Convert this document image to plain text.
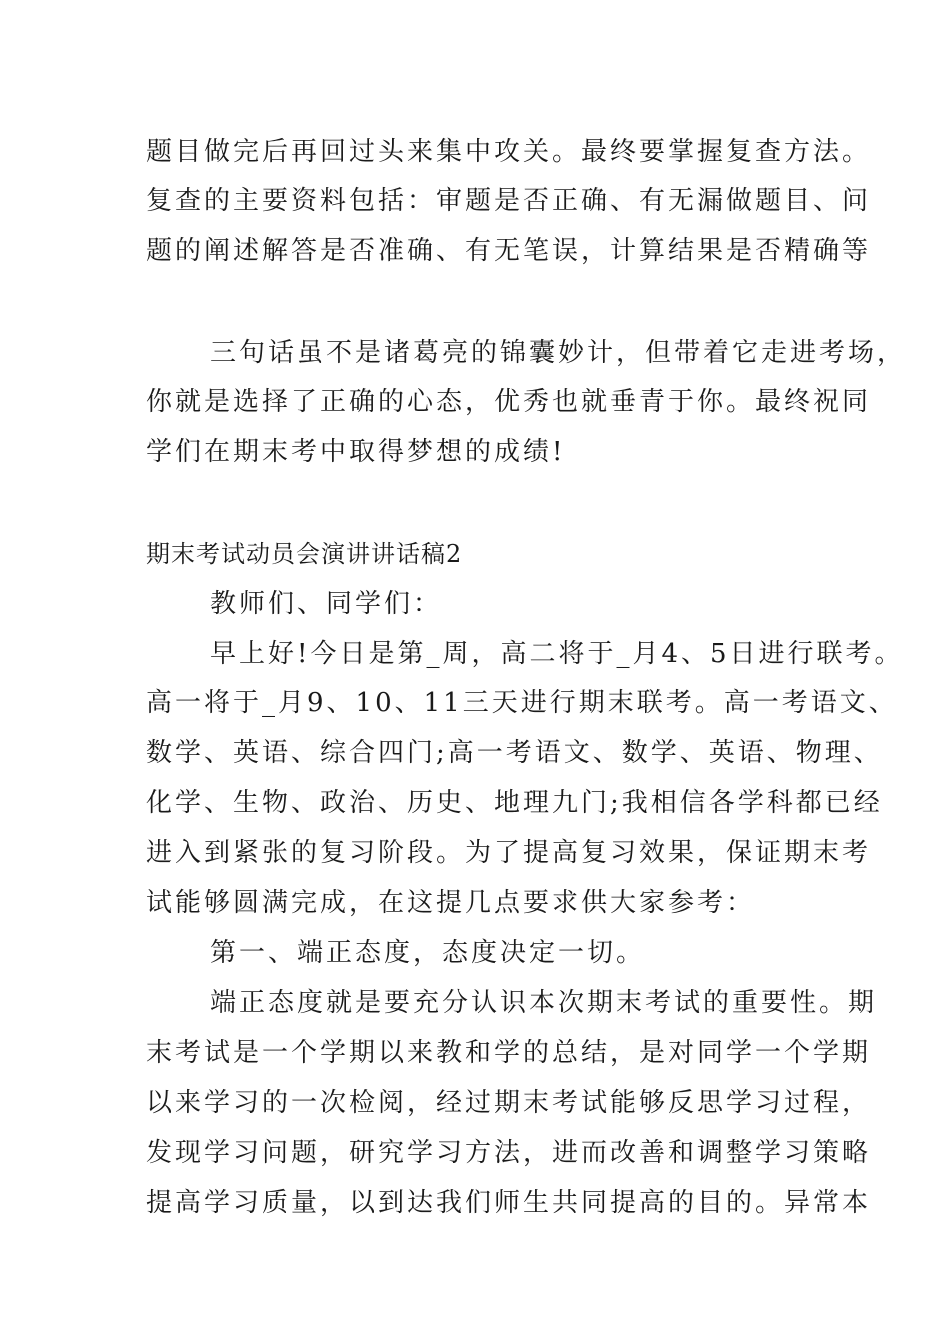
题目做完后再回过头来集中攻关。最终要掌握复查方法。
复查的主要资料包括：审题是否正确、有无漏做题目、问
题的阐述解答是否准确、有无笔误，计算结果是否精确等
三句话虽不是诸葛亮的锦囊妙计，但带着它走进考场，
你就是选择了正确的心态，优秀也就垂青于你。最终祝同
学们在期末考中取得梦想的成绩!
期末考试动员会演讲讲话稿2
教师们、同学们：
早上好!今日是第_周，高二将于_月4、5日进行联考。
高一将于_月9、10、11三天进行期末联考。高一考语文、
数学、英语、综合四门;高一考语文、数学、英语、物理、
化学、生物、政治、历史、地理九门;我相信各学科都已经
进入到紧张的复习阶段。为了提高复习效果，保证期末考
试能够圆满完成，在这提几点要求供大家参考：
第一、端正态度，态度决定一切。
端正态度就是要充分认识本次期末考试的重要性。期
末考试是一个学期以来教和学的总结，是对同学一个学期
以来学习的一次检阅，经过期末考试能够反思学习过程，
发现学习问题，研究学习方法，进而改善和调整学习策略
提高学习质量，以到达我们师生共同提高的目的。异常本
